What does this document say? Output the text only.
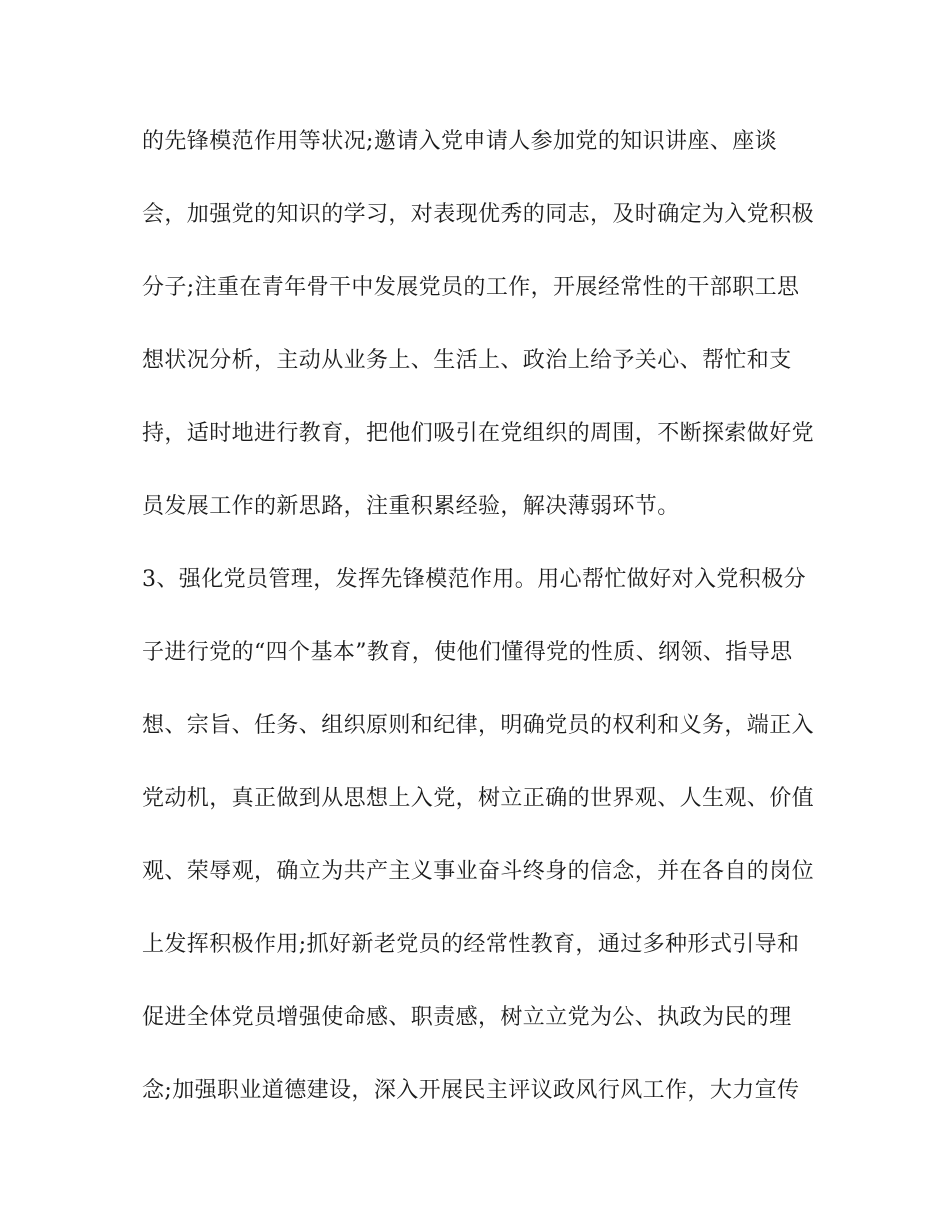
的先锋模范作用等状况;邀请入党申请人参加党的知识讲座、座谈
会，加强党的知识的学习，对表现优秀的同志，及时确定为入党积极
分子;注重在青年骨干中发展党员的工作，开展经常性的干部职工思
想状况分析，主动从业务上、生活上、政治上给予关心、帮忙和支
持，适时地进行教育，把他们吸引在党组织的周围，不断探索做好党
员发展工作的新思路，注重积累经验，解决薄弱环节。
3、强化党员管理，发挥先锋模范作用。用心帮忙做好对入党积极分
子进行党的“四个基本”教育，使他们懂得党的性质、纲领、指导思
想、宗旨、任务、组织原则和纪律，明确党员的权利和义务，端正入
党动机，真正做到从思想上入党，树立正确的世界观、人生观、价值
观、荣辱观，确立为共产主义事业奋斗终身的信念，并在各自的岗位
上发挥积极作用;抓好新老党员的经常性教育，通过多种形式引导和
促进全体党员增强使命感、职责感，树立立党为公、执政为民的理
念;加强职业道德建设，深入开展民主评议政风行风工作，大力宣传
